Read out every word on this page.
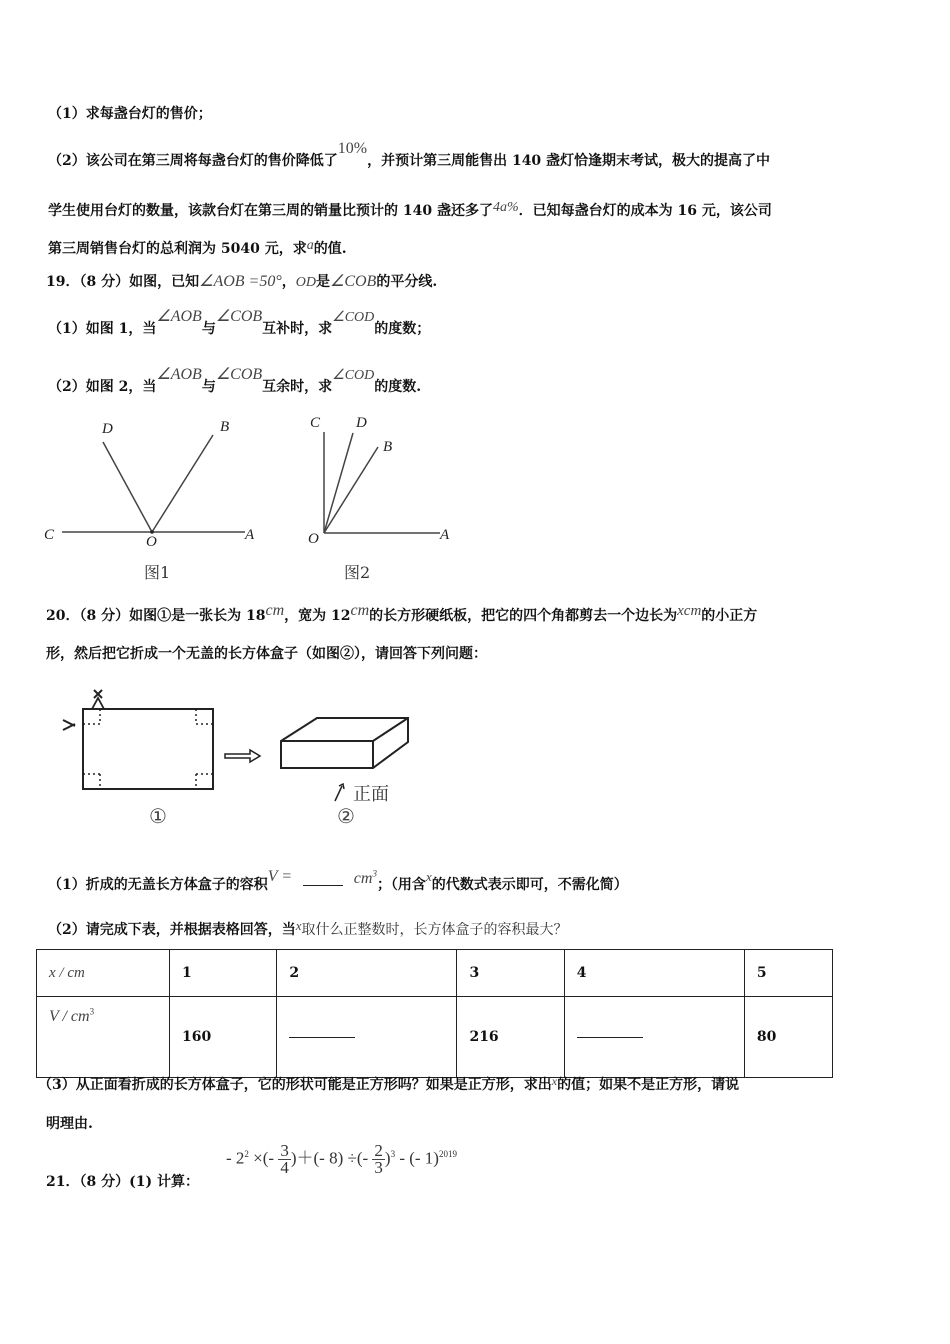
（1）求每盏台灯的售价；
（2）该公司在第三周将每盏台灯的售价降低了10%，并预计第三周能售出 140 盏灯恰逢期末考试，极大的提高了中
学生使用台灯的数量，该款台灯在第三周的销量比预计的 140 盏还多了4a%．已知每盏台灯的成本为 16 元，该公司
第三周销售台灯的总利润为 5040 元，求a的值.
19．（8 分）如图，已知∠AOB =50°，OD是∠COB的平分线.
（1）如图 1，当∠AOB与∠COB互补时，求∠COD的度数；
（2）如图 2，当∠AOB与∠COB互余时，求∠COD的度数.
C	O	A
D	B
图1
C D
B
O	A
图2
20．（8 分）如图①是一张长为 18cm，宽为 12cm的长方形硬纸板，把它的四个角都剪去一个边长为xcm的小正方
形，然后把它折成一个无盖的长方体盒子（如图②），请回答下列问题：
正面
①	②
（1）折成的无盖长方体盒子的容积V =	$cm^3$；（用含x的代数式表示即可，不需化简）
（2）请完成下表，并根据表格回答，当x取什么正整数时，长方体盒子的容积最大？
x / cm	1	2	3	4	5
V / $cm^3$	160		216		80
（3）从正面看折成的长方体盒子，它的形状可能是正方形吗？如果是正方形，求出x的值；如果不是正方形，请说
明理由.
21．（8 分）(1) 计算：
- $2^2$ ×(- $\frac{3}{4}$ )＋(- 8) ÷(- $\frac{2}{3} )^3$ - (- 1)$^{2019}$
